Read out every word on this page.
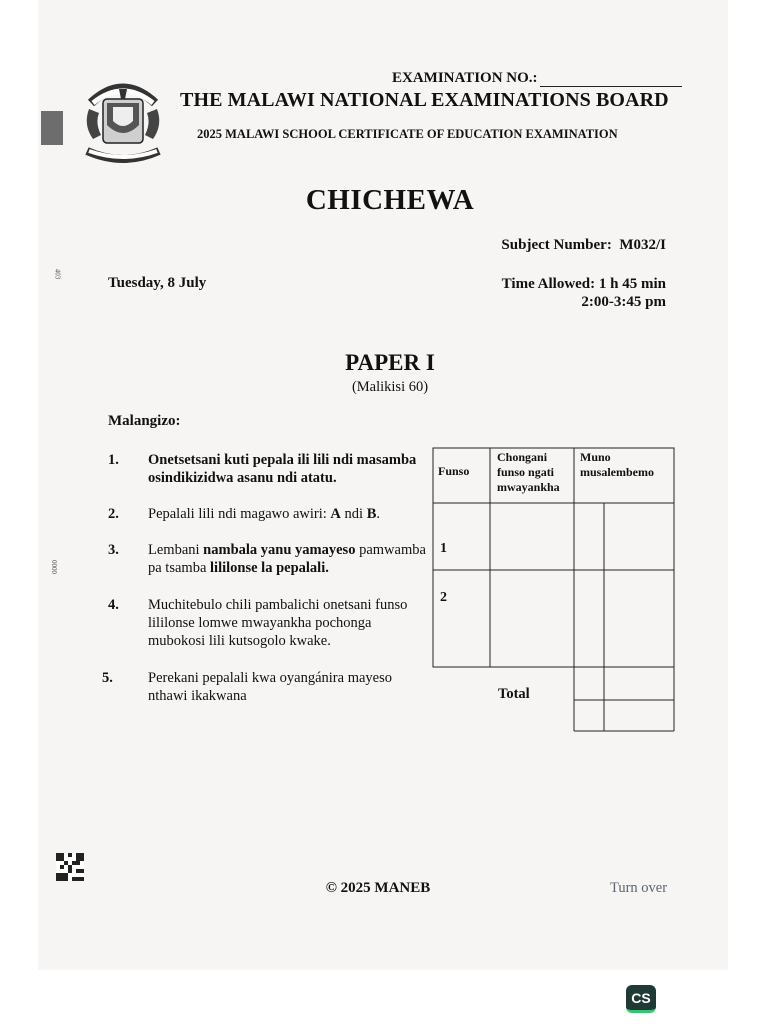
403
0000
EXAMINATION NO.:
THE MALAWI NATIONAL EXAMINATIONS BOARD
2025 MALAWI SCHOOL CERTIFICATE OF EDUCATION EXAMINATION
CHICHEWA
Subject Number: M032/I
Tuesday, 8 July	Time Allowed: 1 h 45 min
2:00-3:45 pm
PAPER I
(Malikisi 60)
Malangizo:
1. Onetsetsani kuti pepala ili lili ndi masamba osindikizidwa asanu ndi atatu.
2. Pepalali lili ndi magawo awiri: A ndi B.
3. Lembani nambala yanu yamayeso pamwamba pa tsamba lililonse la pepalali.
4. Muchitebulo chili pambalichi onetsani funso lililonse lomwe mwayankha pochonga mubokosi lili kutsogolo kwake.
5. Perekani pepalali kwa oyangánira mayeso nthawi ikakwana
Funso
Chongani funso ngati mwayankha
Muno musalembemo
1
2
Total
© 2025 MANEB	Turn over
CS
